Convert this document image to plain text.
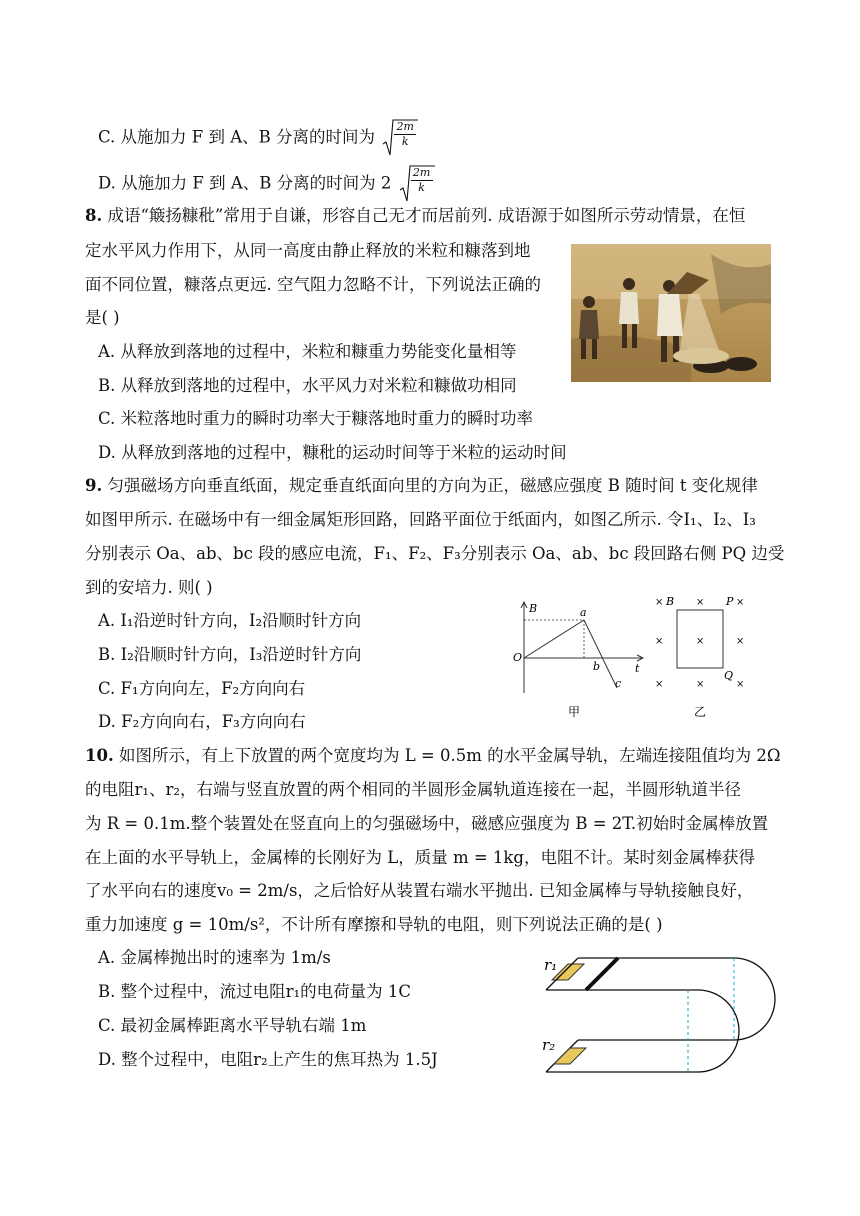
C. 从施加力 F 到 A、B 分离的时间为 $\frac{2m}{k}$
D. 从施加力 F 到 A、B 分离的时间为 $2 \frac{2m}{k}$
8. 成语“簸扬糠秕”常用于自谦，形容自己无才而居前列. 成语源于如图所示劳动情景，在恒
定水平风力作用下，从同一高度由静止释放的米粒和糠落到地
面不同位置，糠落点更远. 空气阻力忽略不计，下列说法正确的
是( )
A. 从释放到落地的过程中，米粒和糠重力势能变化量相等
B. 从释放到落地的过程中，水平风力对米粒和糠做功相同
C. 米粒落地时重力的瞬时功率大于糠落地时重力的瞬时功率
D. 从释放到落地的过程中，糠秕的运动时间等于米粒的运动时间
9. 匀强磁场方向垂直纸面，规定垂直纸面向里的方向为正，磁感应强度 B 随时间 t 变化规律
如图甲所示. 在磁场中有一细金属矩形回路，回路平面位于纸面内，如图乙所示. 令I₁、I₂、I₃
分别表示 Oa、ab、bc 段的感应电流，F₁、F₂、F₃分别表示 Oa、ab、bc 段回路右侧 PQ 边受
到的安培力. 则( )
A. I₁沿逆时针方向，I₂沿顺时针方向
B. I₂沿顺时针方向，I₃沿逆时针方向
C. F₁方向向左，F₂方向向右
D. F₂方向向右，F₃方向向右
B	a
O
b	t
c
甲
× B × P ×
×	×	×
Q
×	×	×
乙
10. 如图所示，有上下放置的两个宽度均为 L = 0.5m 的水平金属导轨，左端连接阻值均为 2Ω
的电阻r₁、r₂，右端与竖直放置的两个相同的半圆形金属轨道连接在一起，半圆形轨道半径
为 R = 0.1m.整个装置处在竖直向上的匀强磁场中，磁感应强度为 B = 2T.初始时金属棒放置
在上面的水平导轨上，金属棒的长刚好为 L，质量 m = 1kg，电阻不计。某时刻金属棒获得
了水平向右的速度v₀ = 2m/s，之后恰好从装置右端水平抛出. 已知金属棒与导轨接触良好，
重力加速度 g = 10m/s²，不计所有摩擦和导轨的电阻，则下列说法正确的是( )
A. 金属棒抛出时的速率为 1m/s
B. 整个过程中，流过电阻r₁的电荷量为 1C
C. 最初金属棒距离水平导轨右端 1m
D. 整个过程中，电阻r₂上产生的焦耳热为 1.5J
r₁
r₂
